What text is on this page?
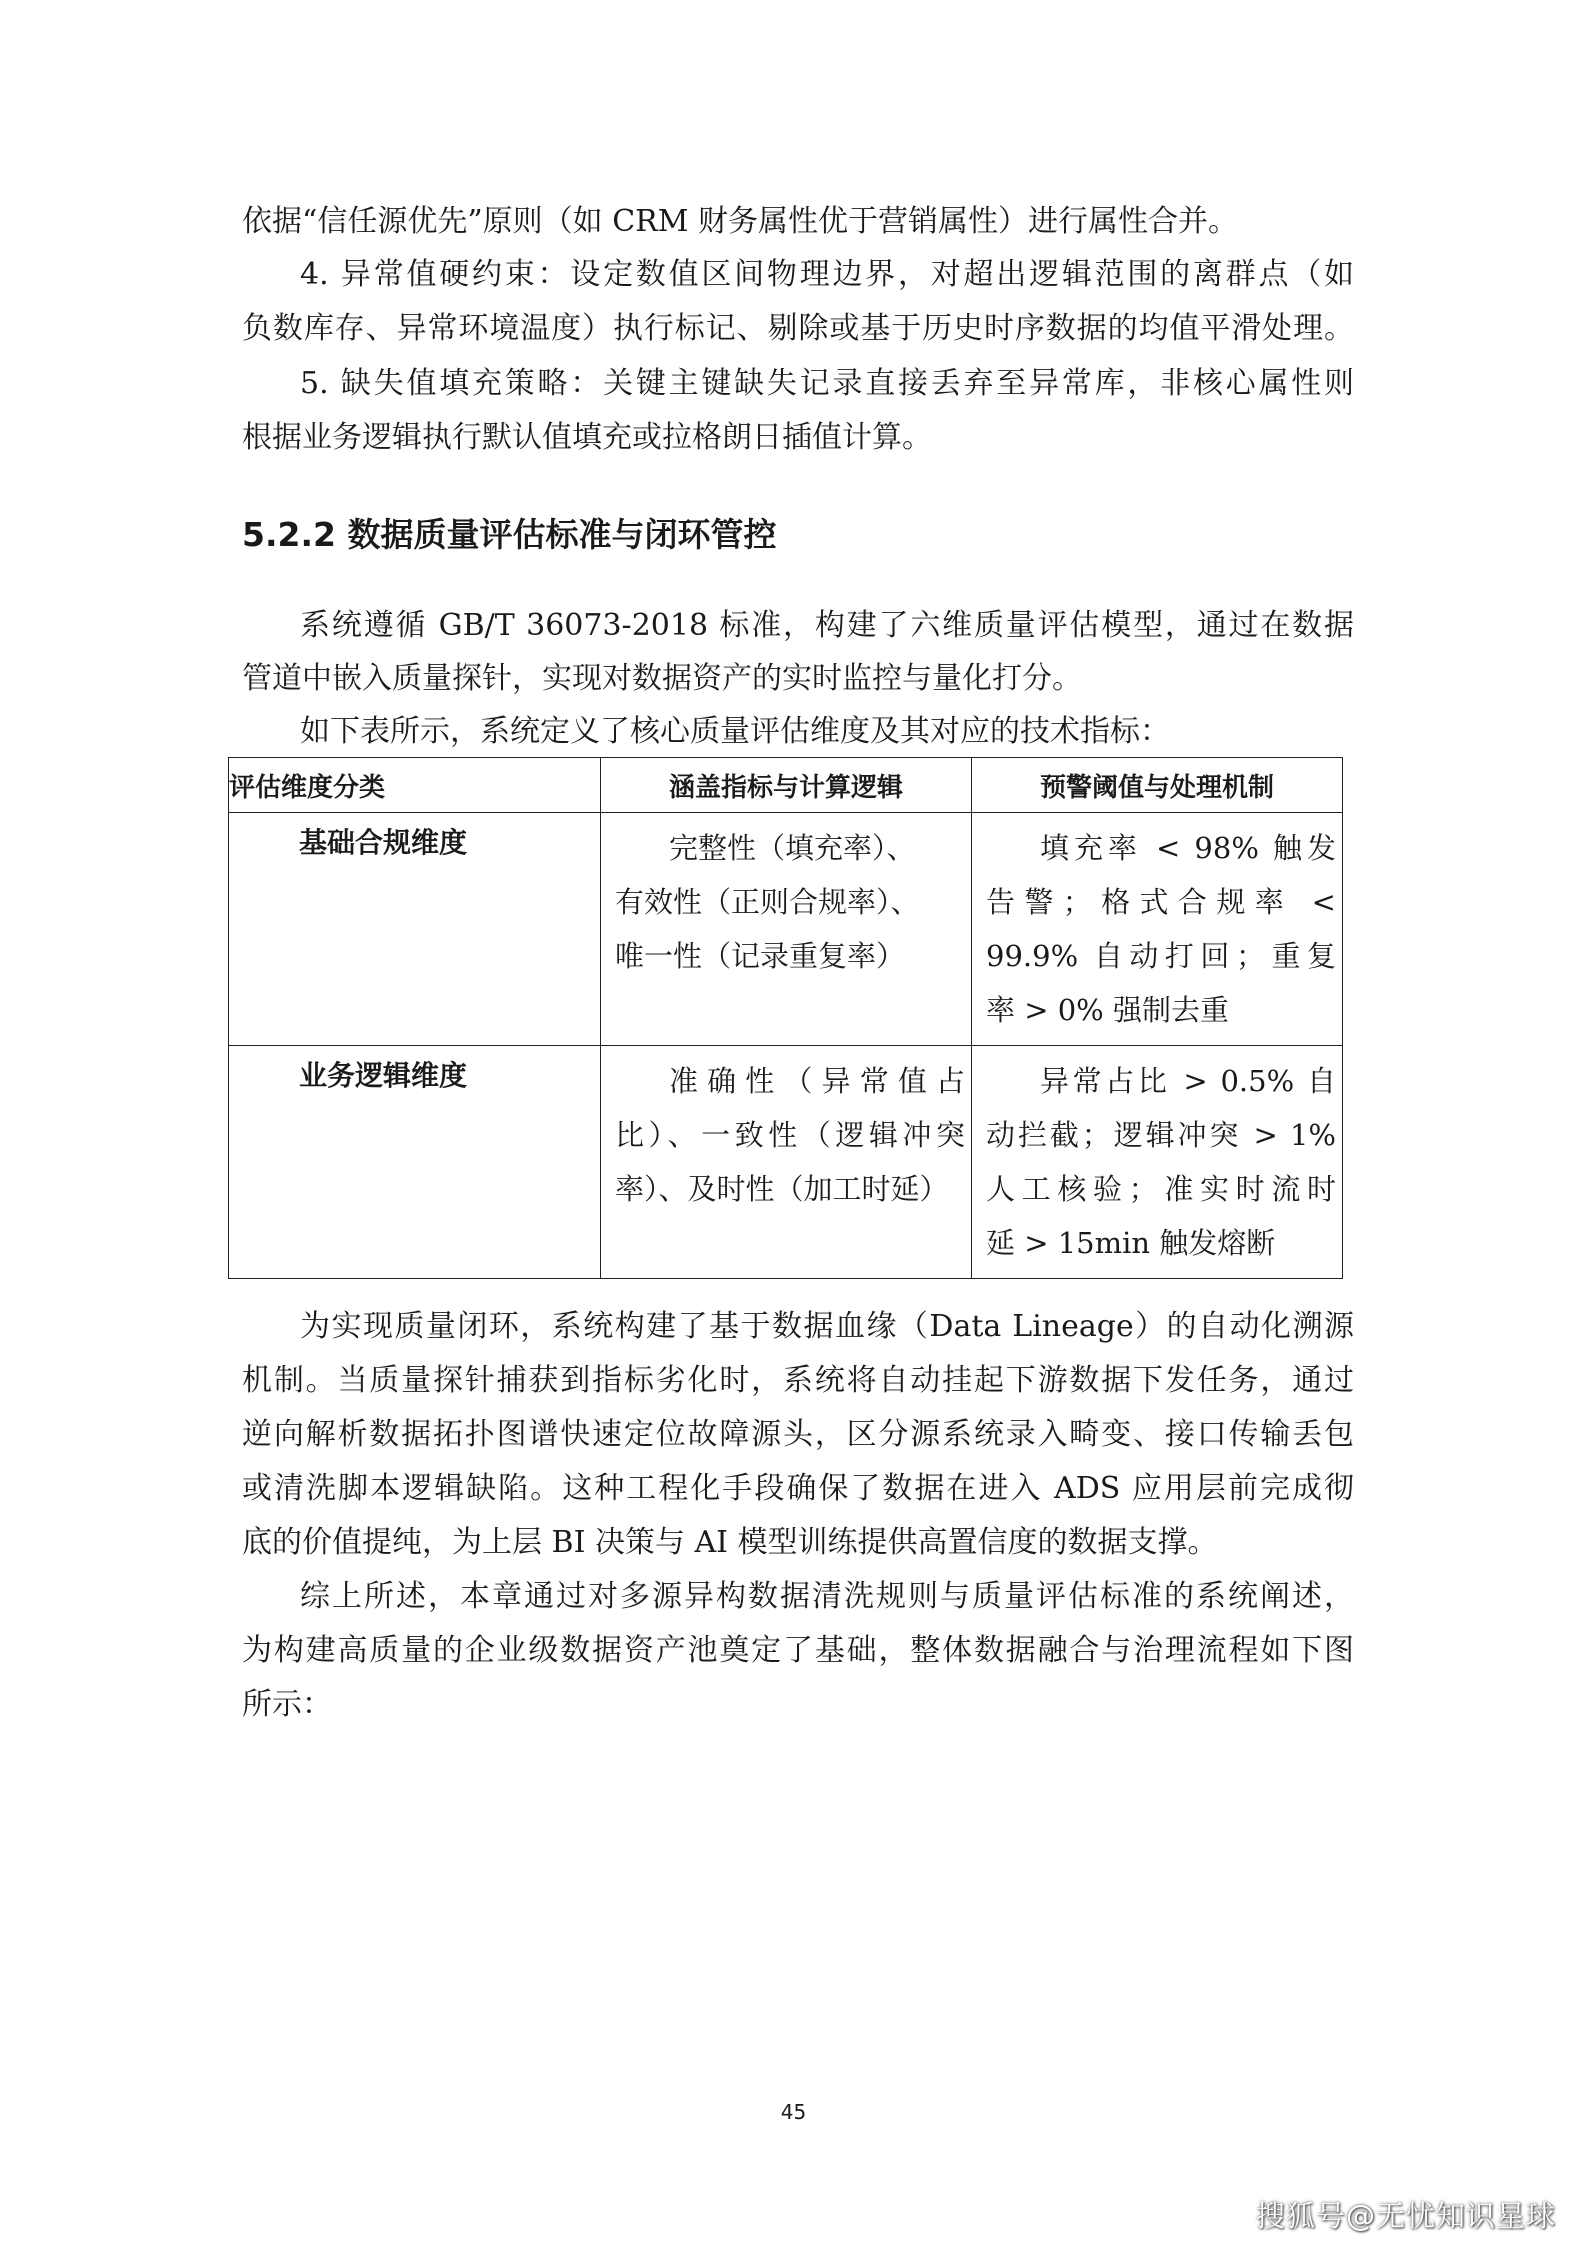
依据“信任源优先”原则（如 CRM 财务属性优于营销属性）进行属性合并。
4. 异常值硬约束：设定数值区间物理边界，对超出逻辑范围的离群点（如
负数库存、异常环境温度）执行标记、剔除或基于历史时序数据的均值平滑处理。
5. 缺失值填充策略：关键主键缺失记录直接丢弃至异常库，非核心属性则
根据业务逻辑执行默认值填充或拉格朗日插值计算。
5.2.2 数据质量评估标准与闭环管控
系统遵循 GB/T 36073-2018 标准，构建了六维质量评估模型，通过在数据
管道中嵌入质量探针，实现对数据资产的实时监控与量化打分。
如下表所示，系统定义了核心质量评估维度及其对应的技术指标：
评估维度分类	涵盖指标与计算逻辑	预警阈值与处理机制
基础合规维度	完整性（填充率）、
有效性（正则合规率）、
唯一性（记录重复率）	填充率 < 98% 触发
告警；格式合规率 <
99.9% 自动打回；重复
率 > 0% 强制去重

业务逻辑维度	准确性（异常值占
比）、一致性（逻辑冲突
率）、及时性（加工时延）	异常占比 > 0.5% 自
动拦截；逻辑冲突 > 1%
人工核验；准实时流时
延 > 15min 触发熔断
为实现质量闭环，系统构建了基于数据血缘（Data Lineage）的自动化溯源
机制。当质量探针捕获到指标劣化时，系统将自动挂起下游数据下发任务，通过
逆向解析数据拓扑图谱快速定位故障源头，区分源系统录入畸变、接口传输丢包
或清洗脚本逻辑缺陷。这种工程化手段确保了数据在进入 ADS 应用层前完成彻
底的价值提纯，为上层 BI 决策与 AI 模型训练提供高置信度的数据支撑。
综上所述，本章通过对多源异构数据清洗规则与质量评估标准的系统阐述，
为构建高质量的企业级数据资产池奠定了基础，整体数据融合与治理流程如下图
所示：
45
搜狐号@无忧知识星球
